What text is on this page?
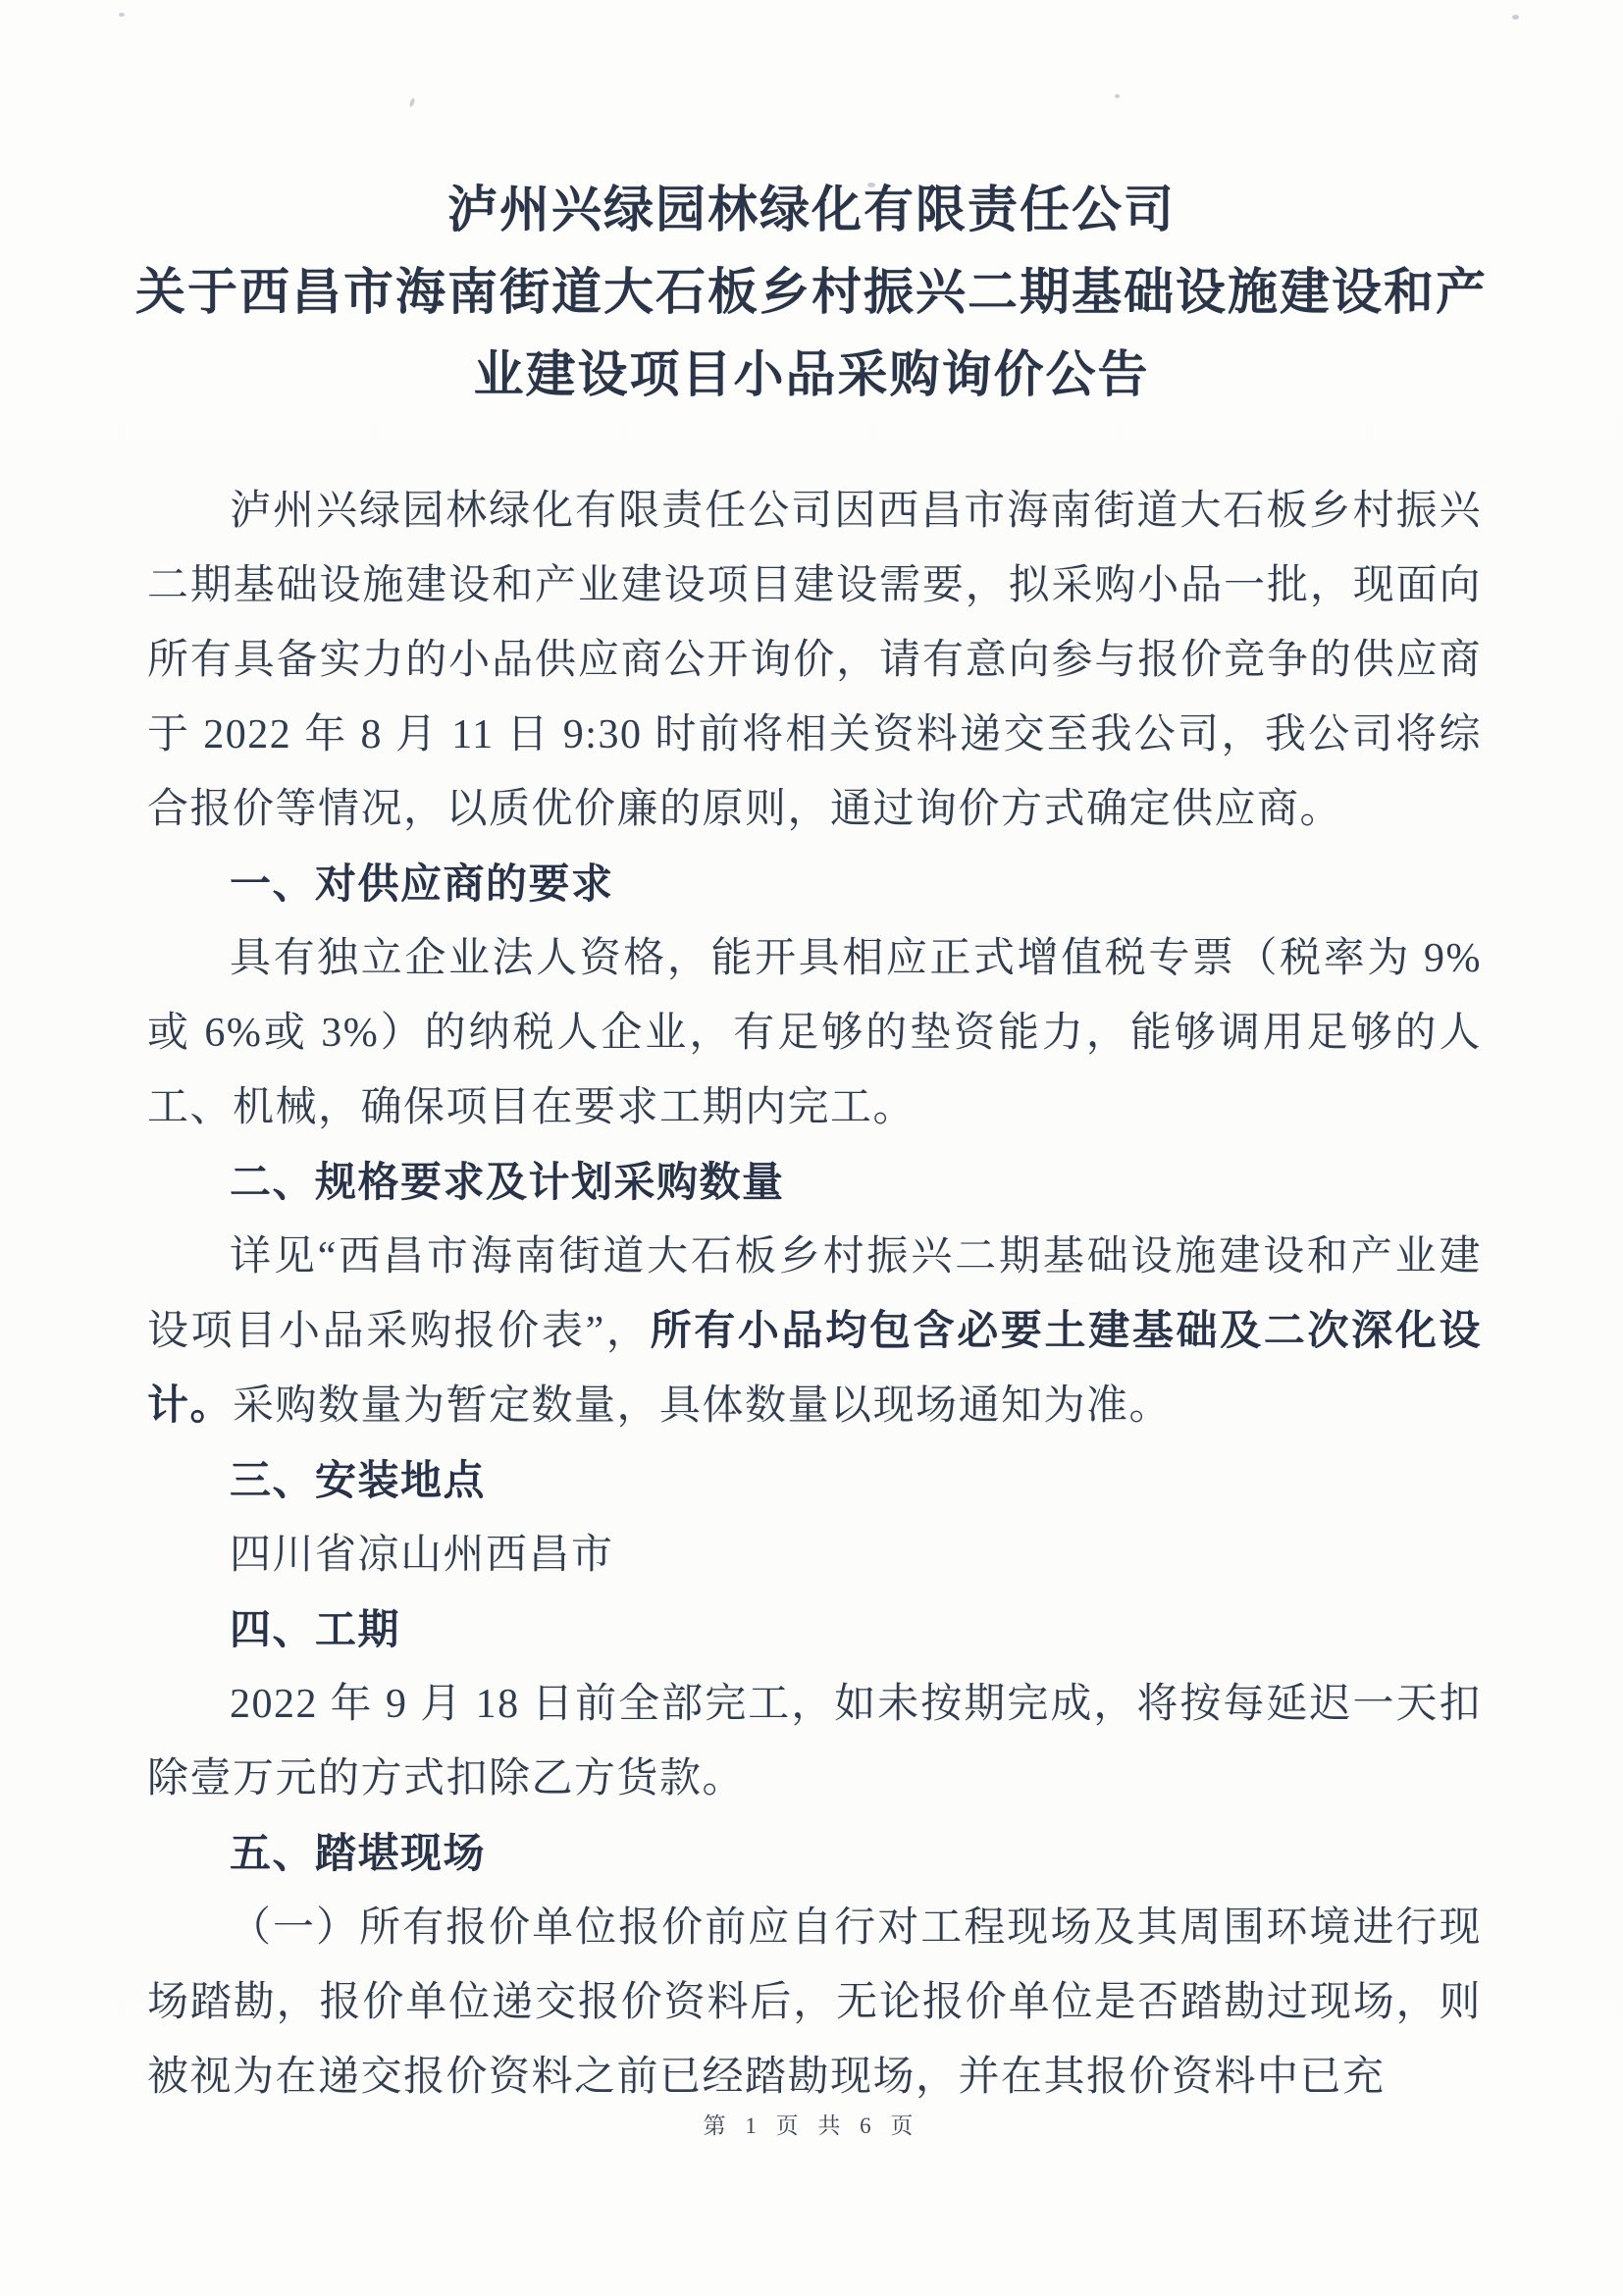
泸州兴绿园林绿化有限责任公司
关于西昌市海南街道大石板乡村振兴二期基础设施建设和产
业建设项目小品采购询价公告

泸州兴绿园林绿化有限责任公司因西昌市海南街道大石板乡村振兴二期基础设施建设和产业建设项目建设需要，拟采购小品一批，现面向所有具备实力的小品供应商公开询价，请有意向参与报价竞争的供应商于 2022 年 8 月 11 日 9:30 时前将相关资料递交至我公司，我公司将综合报价等情况，以质优价廉的原则，通过询价方式确定供应商。

一、对供应商的要求

具有独立企业法人资格，能开具相应正式增值税专票（税率为 9%或 6%或 3%）的纳税人企业，有足够的垫资能力，能够调用足够的人工、机械，确保项目在要求工期内完工。

二、规格要求及计划采购数量

详见“西昌市海南街道大石板乡村振兴二期基础设施建设和产业建设项目小品采购报价表”，所有小品均包含必要土建基础及二次深化设计。采购数量为暂定数量，具体数量以现场通知为准。

三、安装地点

四川省凉山州西昌市

四、工期

2022 年 9 月 18 日前全部完工，如未按期完成，将按每延迟一天扣除壹万元的方式扣除乙方货款。

五、踏堪现场

（一）所有报价单位报价前应自行对工程现场及其周围环境进行现场踏勘，报价单位递交报价资料后，无论报价单位是否踏勘过现场，则被视为在递交报价资料之前已经踏勘现场，并在其报价资料中已充

第 1 页 共 6 页
